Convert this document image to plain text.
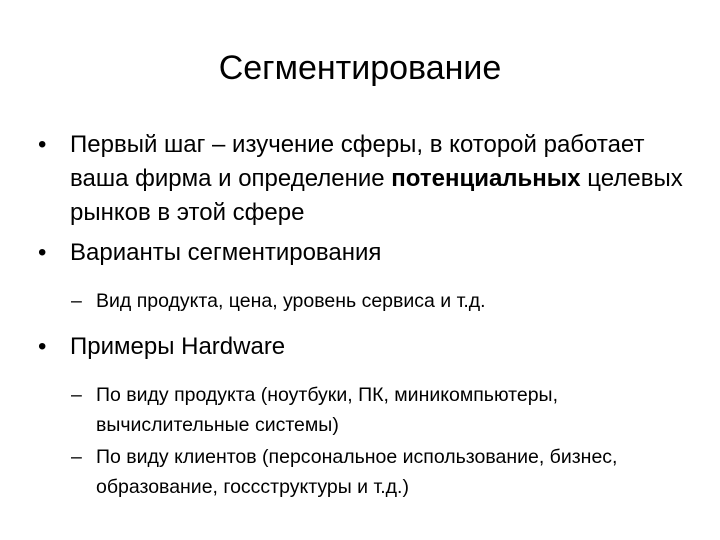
Сегментирование
• Первый шаг – изучение сферы, в которой работает ваша фирма и определение потенциальных целевых рынков в этой сфере
• Варианты сегментирования
– Вид продукта, цена, уровень сервиса и т.д.
• Примеры Hardware
– По виду продукта (ноутбуки, ПК, миникомпьютеры, вычислительные системы)
– По виду клиентов (персональное использование, бизнес, образование, госсструктуры и т.д.)
